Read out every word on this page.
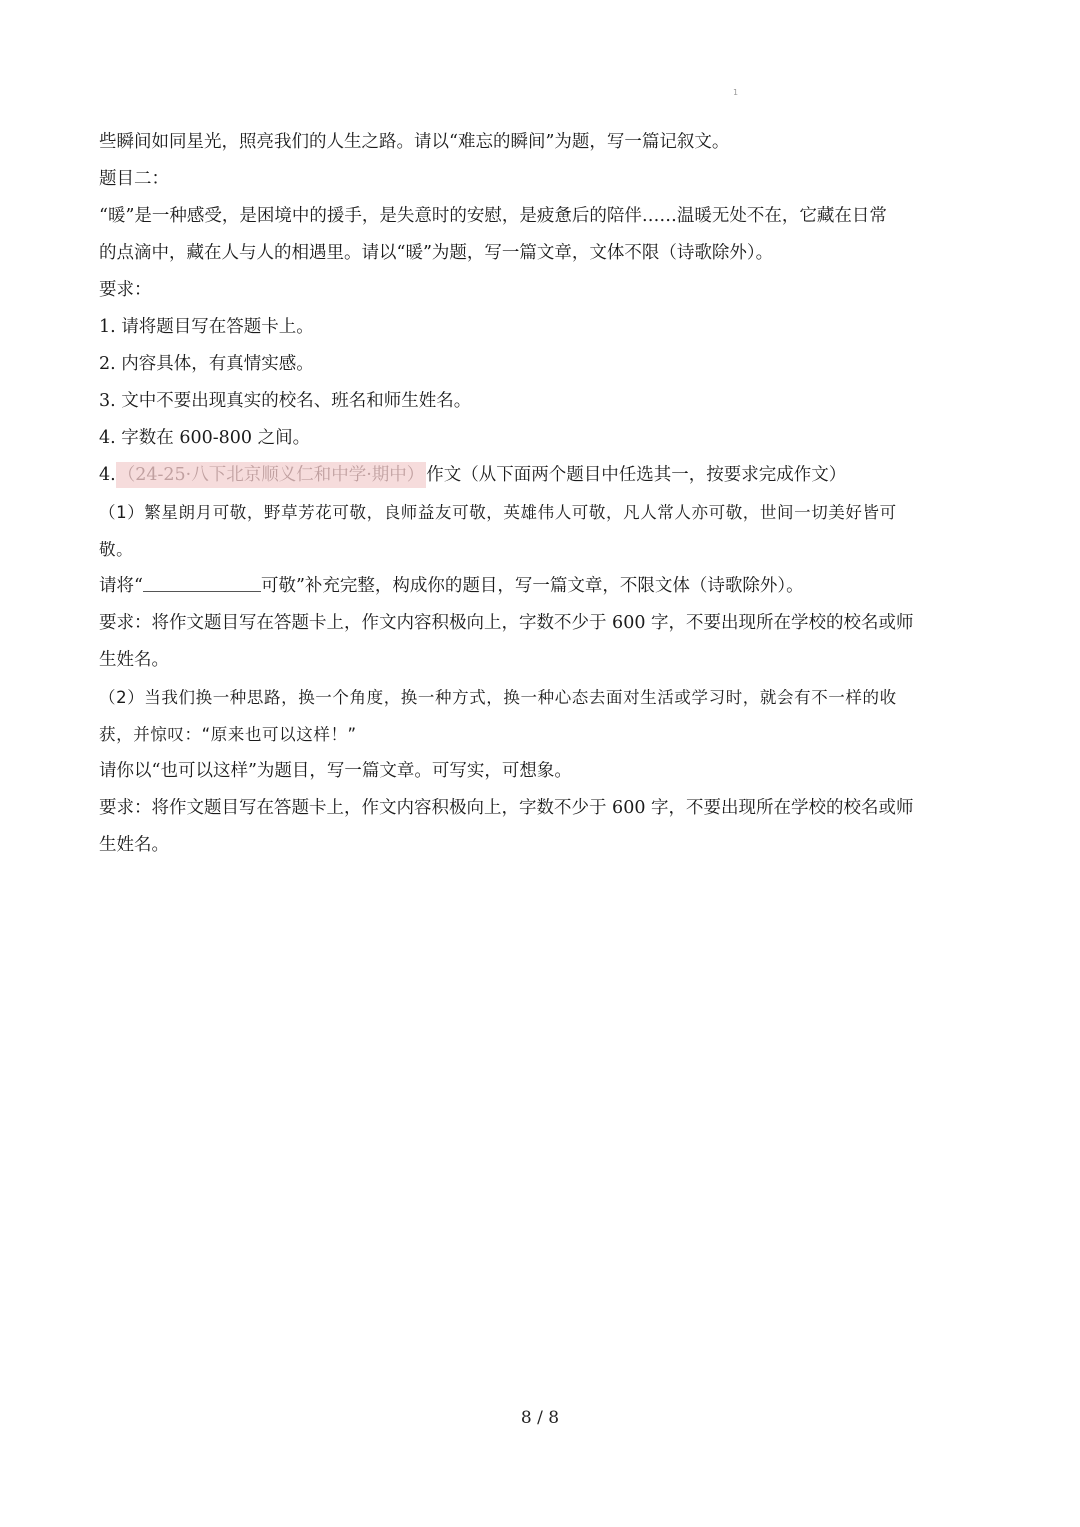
1
些瞬间如同星光，照亮我们的人生之路。请以“难忘的瞬间”为题，写一篇记叙文。
题目二：
“暖”是一种感受，是困境中的援手，是失意时的安慰，是疲惫后的陪伴……温暖无处不在，它藏在日常
的点滴中，藏在人与人的相遇里。请以“暖”为题，写一篇文章，文体不限（诗歌除外）。
要求：
1. 请将题目写在答题卡上。
2. 内容具体，有真情实感。
3. 文中不要出现真实的校名、班名和师生姓名。
4. 字数在 600-800 之间。
4. （24-25·八下北京顺义仁和中学·期中） 作文（从下面两个题目中任选其一，按要求完成作文）
（1）繁星朗月可敬，野草芳花可敬，良师益友可敬，英雄伟人可敬，凡人常人亦可敬，世间一切美好皆可
敬。
请将“	可敬”补充完整，构成你的题目，写一篇文章，不限文体（诗歌除外）。
要求：将作文题目写在答题卡上，作文内容积极向上，字数不少于 600 字，不要出现所在学校的校名或师
生姓名。
（2）当我们换一种思路，换一个角度，换一种方式，换一种心态去面对生活或学习时，就会有不一样的收
获，并惊叹：“原来也可以这样！”
请你以“也可以这样”为题目，写一篇文章。可写实，可想象。
要求：将作文题目写在答题卡上，作文内容积极向上，字数不少于 600 字，不要出现所在学校的校名或师
生姓名。
8 / 8
